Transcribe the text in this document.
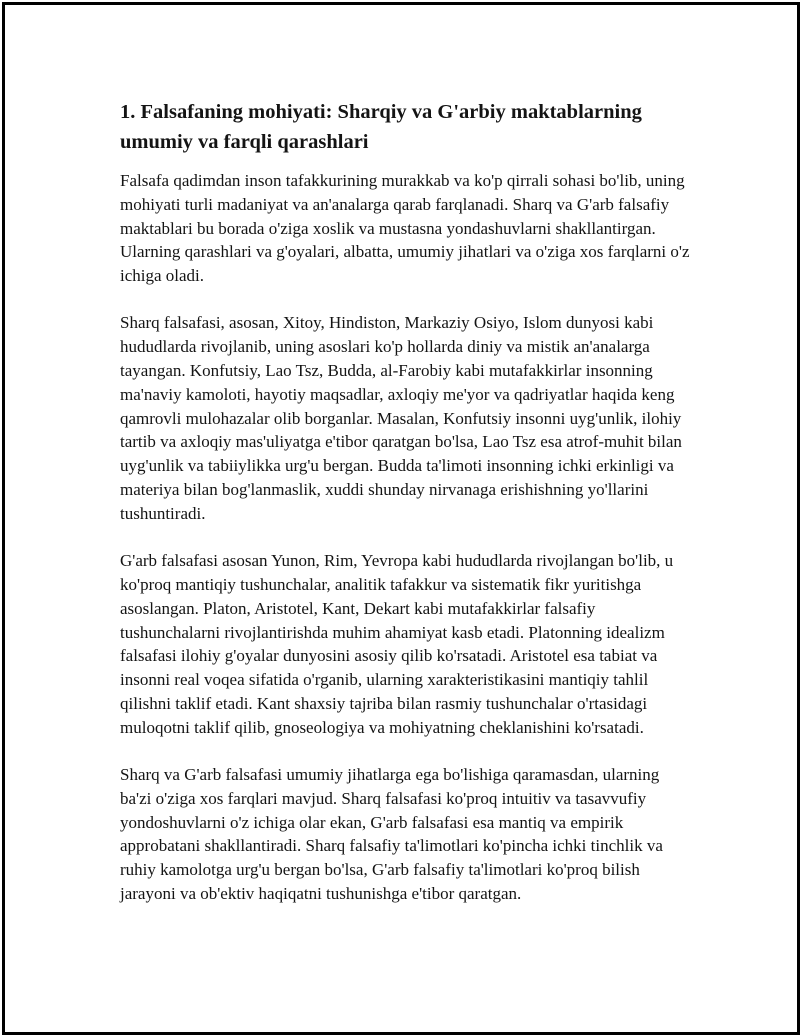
1. Falsafaning mohiyati: Sharqiy va G'arbiy maktablarning umumiy va farqli qarashlari

Falsafa qadimdan inson tafakkurining murakkab va ko'p qirrali sohasi bo'lib, uning mohiyati turli madaniyat va an'analarga qarab farqlanadi. Sharq va G'arb falsafiy maktablari bu borada o'ziga xoslik va mustasna yondashuvlarni shakllantirgan. Ularning qarashlari va g'oyalari, albatta, umumiy jihatlari va o'ziga xos farqlarni o'z ichiga oladi.

Sharq falsafasi, asosan, Xitoy, Hindiston, Markaziy Osiyo, Islom dunyosi kabi hududlarda rivojlanib, uning asoslari ko'p hollarda diniy va mistik an'analarga tayangan. Konfutsiy, Lao Tsz, Budda, al-Farobiy kabi mutafakkirlar insonning ma'naviy kamoloti, hayotiy maqsadlar, axloqiy me'yor va qadriyatlar haqida keng qamrovli mulohazalar olib borganlar. Masalan, Konfutsiy insonni uyg'unlik, ilohiy tartib va axloqiy mas'uliyatga e'tibor qaratgan bo'lsa, Lao Tsz esa atrof-muhit bilan uyg'unlik va tabiiylikka urg'u bergan. Budda ta'limoti insonning ichki erkinligi va materiya bilan bog'lanmaslik, xuddi shunday nirvanaga erishishning yo'llarini tushuntiradi.

G'arb falsafasi asosan Yunon, Rim, Yevropa kabi hududlarda rivojlangan bo'lib, u ko'proq mantiqiy tushunchalar, analitik tafakkur va sistematik fikr yuritishga asoslangan. Platon, Aristotel, Kant, Dekart kabi mutafakkirlar falsafiy tushunchalarni rivojlantirishda muhim ahamiyat kasb etadi. Platonning idealizm falsafasi ilohiy g'oyalar dunyosini asosiy qilib ko'rsatadi. Aristotel esa tabiat va insonni real voqea sifatida o'rganib, ularning xarakteristikasini mantiqiy tahlil qilishni taklif etadi. Kant shaxsiy tajriba bilan rasmiy tushunchalar o'rtasidagi muloqotni taklif qilib, gnoseologiya va mohiyatning cheklanishini ko'rsatadi.

Sharq va G'arb falsafasi umumiy jihatlarga ega bo'lishiga qaramasdan, ularning ba'zi o'ziga xos farqlari mavjud. Sharq falsafasi ko'proq intuitiv va tasavvufiy yondoshuvlarni o'z ichiga olar ekan, G'arb falsafasi esa mantiq va empirik approbatani shakllantiradi. Sharq falsafiy ta'limotlari ko'pincha ichki tinchlik va ruhiy kamolotga urg'u bergan bo'lsa, G'arb falsafiy ta'limotlari ko'proq bilish jarayoni va ob'ektiv haqiqatni tushunishga e'tibor qaratgan.
